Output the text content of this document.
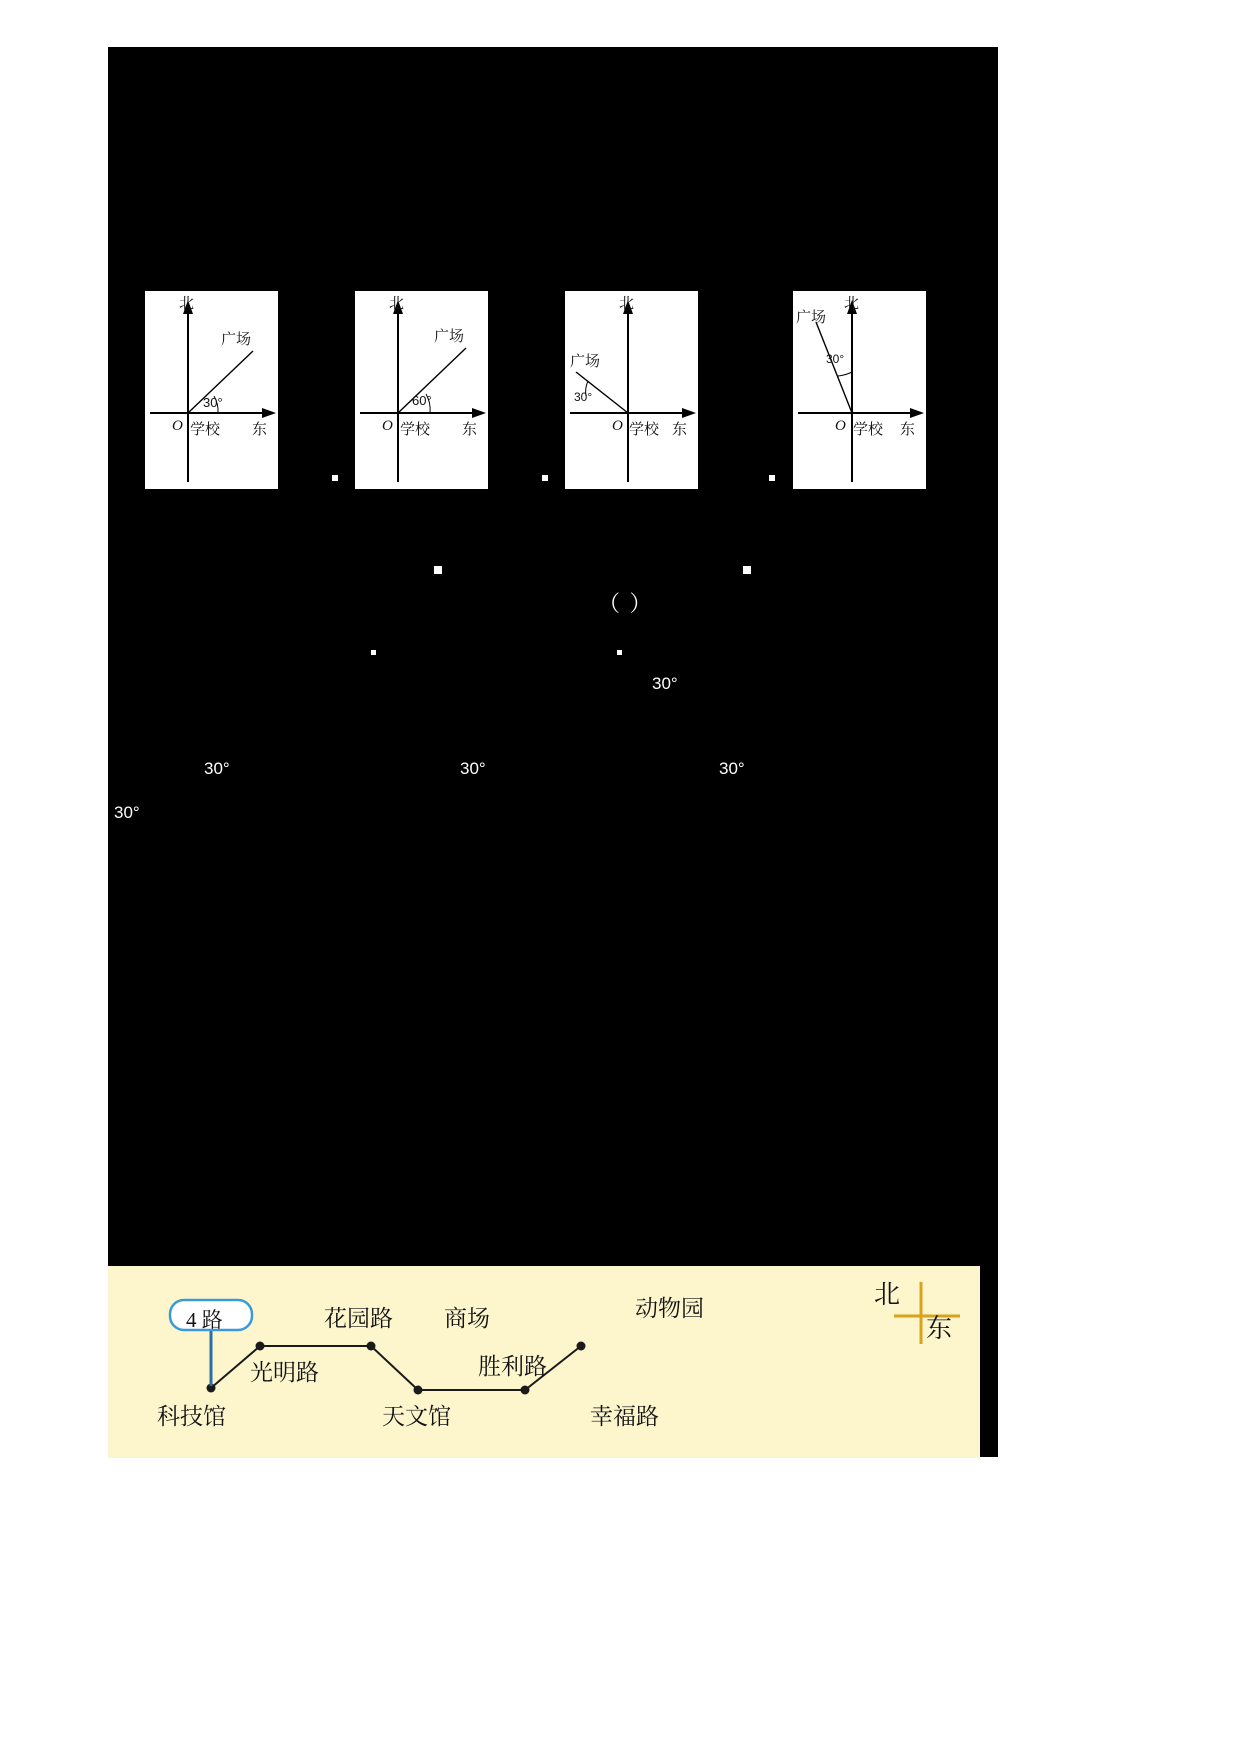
北
东
O 学校
广场
30°
北
东
O 学校
广场
60°
北
东
O 学校
广场
30°
北
东
O 学校
广场
30°
（ ）
30°
30°	30°	30°
30°
4 路
科技馆
商场
天文馆	幸福路
动物园
光明路
花园路
胜利路
北
东
